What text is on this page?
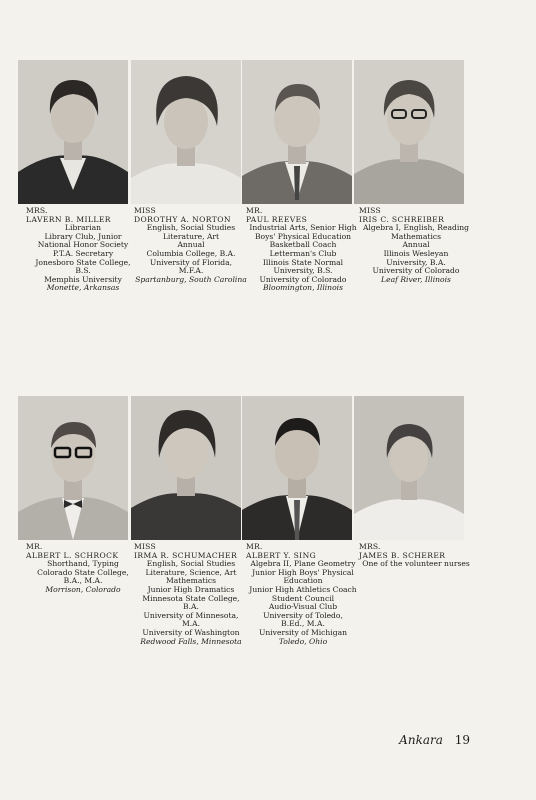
MRS.
LAVERN B. MILLER
Librarian
Library Club, Junior
National Honor Society
P.T.A. Secretary
Jonesboro State College,
B.S.
Memphis University
Monette, Arkansas
MISS
DOROTHY A. NORTON
English, Social Studies
Literature, Art
Annual
Columbia College, B.A.
University of Florida,
M.F.A.
Spartanburg, South Carolina
MR.
PAUL REEVES
Industrial Arts, Senior High
Boys' Physical Education
Basketball Coach
Letterman's Club
Illinois State Normal
University, B.S.
University of Colorado
Bloomington, Illinois
MISS
IRIS C. SCHREIBER
Algebra I, English, Reading
Mathematics
Annual
Illinois Wesleyan
University, B.A.
University of Colorado
Leaf River, Illinois
MR.
ALBERT L. SCHROCK
Shorthand, Typing
Colorado State College,
B.A., M.A.
Morrison, Colorado
MISS
IRMA R. SCHUMACHER
English, Social Studies
Literature, Science, Art
Mathematics
Junior High Dramatics
Minnesota State College,
B.A.
University of Minnesota,
M.A.
University of Washington
Redwood Falls, Minnesota
MR.
ALBERT Y. SING
Algebra II, Plane Geometry
Junior High Boys' Physical
Education
Junior High Athletics Coach
Student Council
Audio-Visual Club
University of Toledo,
B.Ed., M.A.
University of Michigan
Toledo, Ohio
MRS.
JAMES B. SCHERER
One of the volunteer nurses
Ankara 19
